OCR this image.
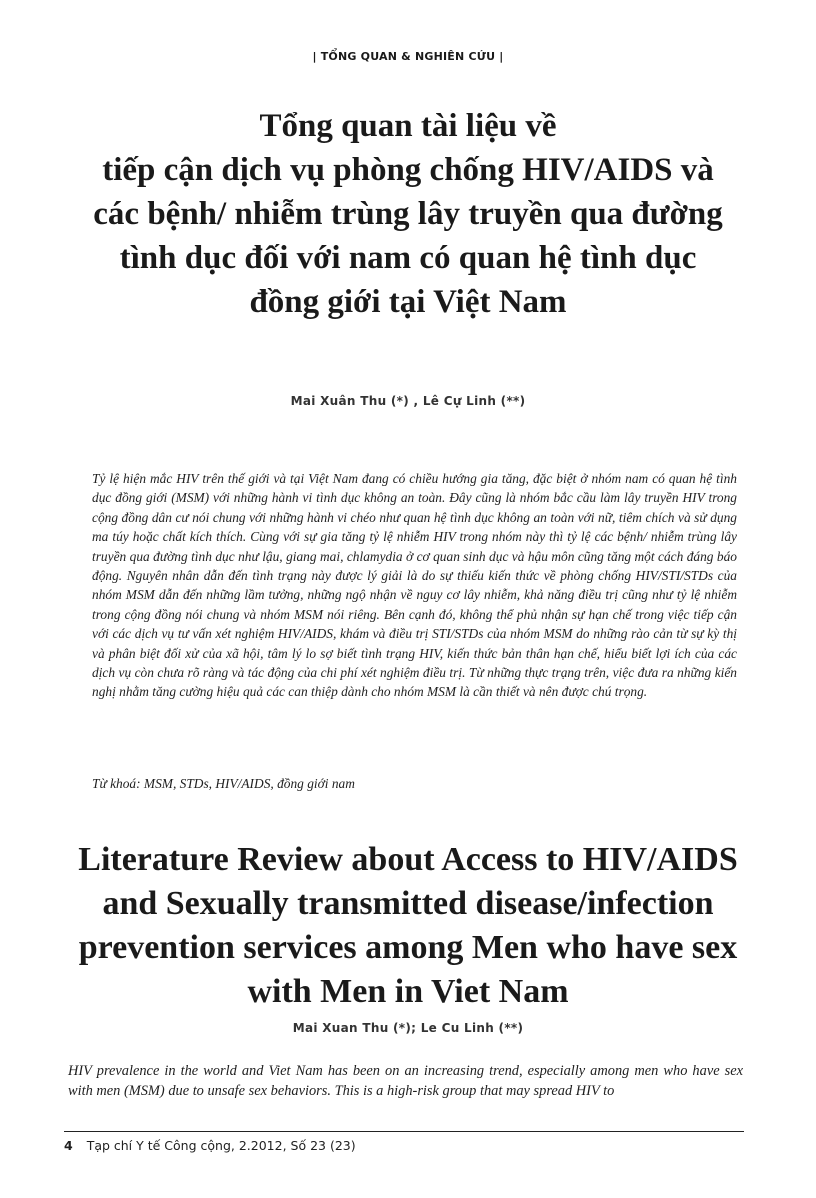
| TỔNG QUAN & NGHIÊN CỨU |
Tổng quan tài liệu về
tiếp cận dịch vụ phòng chống HIV/AIDS và
các bệnh/ nhiễm trùng lây truyền qua đường
tình dục đối với nam có quan hệ tình dục
đồng giới tại Việt Nam
Mai Xuân Thu (*) , Lê Cự Linh (**)

Tỷ lệ hiện mắc HIV trên thế giới và tại Việt Nam đang có chiều hướng gia tăng, đặc biệt ở nhóm nam có quan hệ tình dục đồng giới (MSM) với những hành vi tình dục không an toàn. Đây cũng là nhóm bắc cầu làm lây truyền HIV trong cộng đồng dân cư nói chung với những hành vi chéo như quan hệ tình dục không an toàn với nữ, tiêm chích và sử dụng ma túy hoặc chất kích thích. Cùng với sự gia tăng tỷ lệ nhiễm HIV trong nhóm này thì tỷ lệ các bệnh/ nhiễm trùng lây truyền qua đường tình dục như lậu, giang mai, chlamydia ở cơ quan sinh dục và hậu môn cũng tăng một cách đáng báo động. Nguyên nhân dẫn đến tình trạng này được lý giải là do sự thiếu kiến thức về phòng chống HIV/STI/STDs của nhóm MSM dẫn đến những lầm tưởng, những ngộ nhận về nguy cơ lây nhiễm, khả năng điều trị cũng như tỷ lệ nhiễm trong cộng đồng nói chung và nhóm MSM nói riêng. Bên cạnh đó, không thể phủ nhận sự hạn chế trong việc tiếp cận với các dịch vụ tư vấn xét nghiệm HIV/AIDS, khám và điều trị STI/STDs của nhóm MSM do những rào cản từ sự kỳ thị và phân biệt đối xử của xã hội, tâm lý lo sợ biết tình trạng HIV, kiến thức bản thân hạn chế, hiểu biết lợi ích của các dịch vụ còn chưa rõ ràng và tác động của chi phí xét nghiệm điều trị. Từ những thực trạng trên, việc đưa ra những kiến nghị nhằm tăng cường hiệu quả các can thiệp dành cho nhóm MSM là cần thiết và nên được chú trọng.

Từ khoá: MSM, STDs, HIV/AIDS, đồng giới nam
Literature Review about Access to HIV/AIDS
and Sexually transmitted disease/infection
prevention services among Men who have sex
with Men in Viet Nam
Mai Xuan Thu (*); Le Cu Linh (**)

HIV prevalence in the world and Viet Nam has been on an increasing trend, especially among men who have sex with men (MSM) due to unsafe sex behaviors. This is a high-risk group that may spread HIV to

4 Tạp chí Y tế Công cộng, 2.2012, Số 23 (23)
